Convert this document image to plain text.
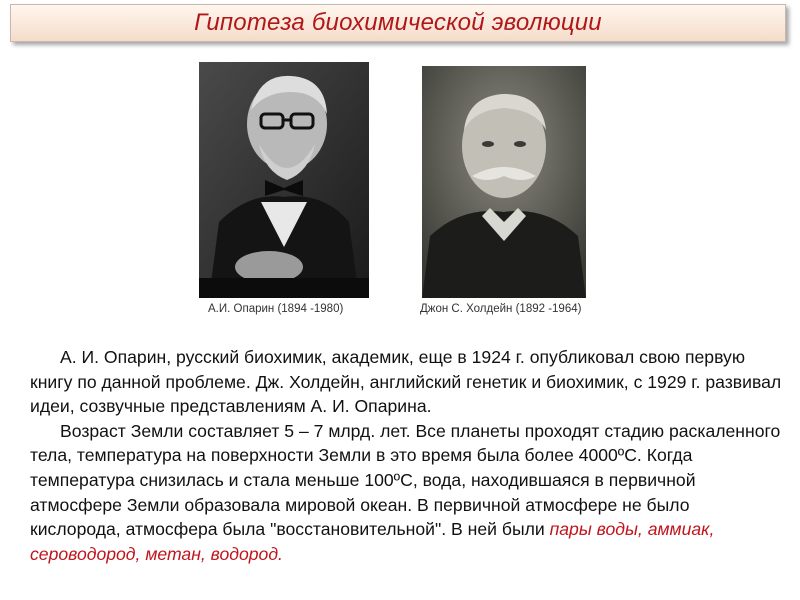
Гипотеза биохимической эволюции
А.И. Опарин (1894 -1980)	Джон С. Холдейн (1892 -1964)

А. И. Опарин, русский биохимик, академик, еще в 1924 г. опубликовал свою первую книгу по данной проблеме. Дж. Холдейн, английский генетик и биохимик, с 1929 г. развивал идеи, созвучные представлениям А. И. Опарина.

Возраст Земли составляет 5 – 7 млрд. лет. Все планеты проходят стадию раскаленного тела, температура на поверхности Земли в это время была более 4000ºС. Когда температура снизилась и стала меньше 100ºС, вода, находившаяся в первичной атмосфере Земли образовала мировой океан. В первичной атмосфере не было кислорода, атмосфера была "восстановительной". В ней были пары воды, аммиак, сероводород, метан, водород.
